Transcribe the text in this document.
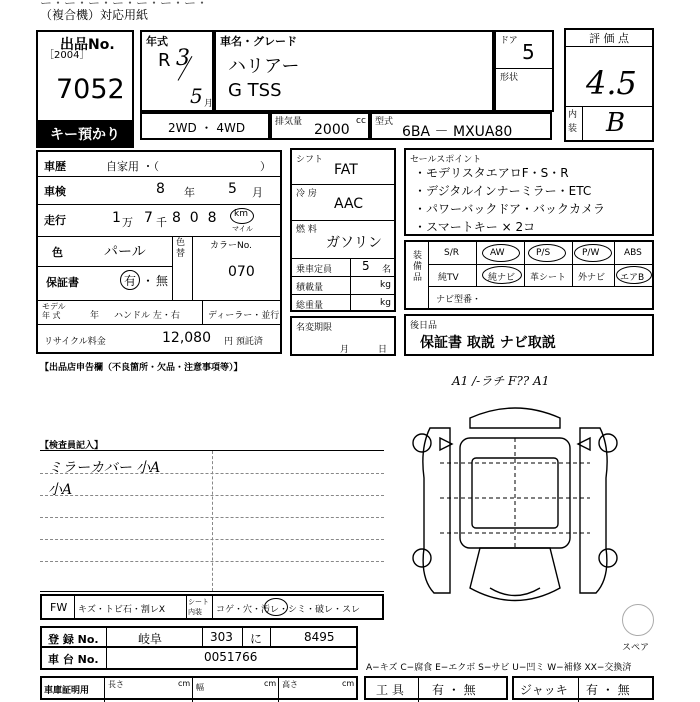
ー・ー・ー・ー・ー・ー・ー・
（複合機）対応用紙
出品No.
［2004］
7052
キー預かり
年式
R 3
5 月
車名・グレード
ハリアー
G TSS
ドア 5
形状
評 価 点
4.5
内装 B
2WD ・ 4WD	排気量 2000
cc 型式
6BA － MXUA80
車歴	自家用 ・（	）
車検	8 年 5 月
走行	1 万 7 千 8  0  8 km
マイル
色	パール
色替
カラーNo.
070
保証書	有 ・ 無
モデル
年 式	年 ハンドル 左・右	ディーラー・並行
リサイクル料金	12,080 円 預託済
シフト
FAT
冷 房
AAC
燃 料
ガソリン
乗車定員 5 名
積載量	kg
総重量	kg
名変期限
月	日
セールスポイント
・モデリスタエアロF・S・R
・デジタルインナーミラー・ETC
・パワーバックドア・バックカメラ
・スマートキー × 2コ
装備品	S/R	AW	P/S	P/W	ABS
純TV	純ナビ 革シート 外ナビ エアB
ナビ型番・
後日品
保証書 取説 ナビ取説
【出品店申告欄（不良箇所・欠品・注意事項等）】
【検査員記入】
ミラーカバー 小A
小A
A1 /-ラチ F?? A1
スペア
FW キズ・トビ石・割レX
シート内装	コゲ・穴・汚レ・シミ・破レ・スレ
登 録 No.	岐阜	303 に	8495
車 台 No.	0051766
A−キズ C−腐食 E−エクボ S−サビ U−凹ミ W−補修 XX−交換済
車庫証明用
長さ	cm 幅	cm 高さ	cm 工 具 有 ・ 無	ジャッキ 有 ・ 無
